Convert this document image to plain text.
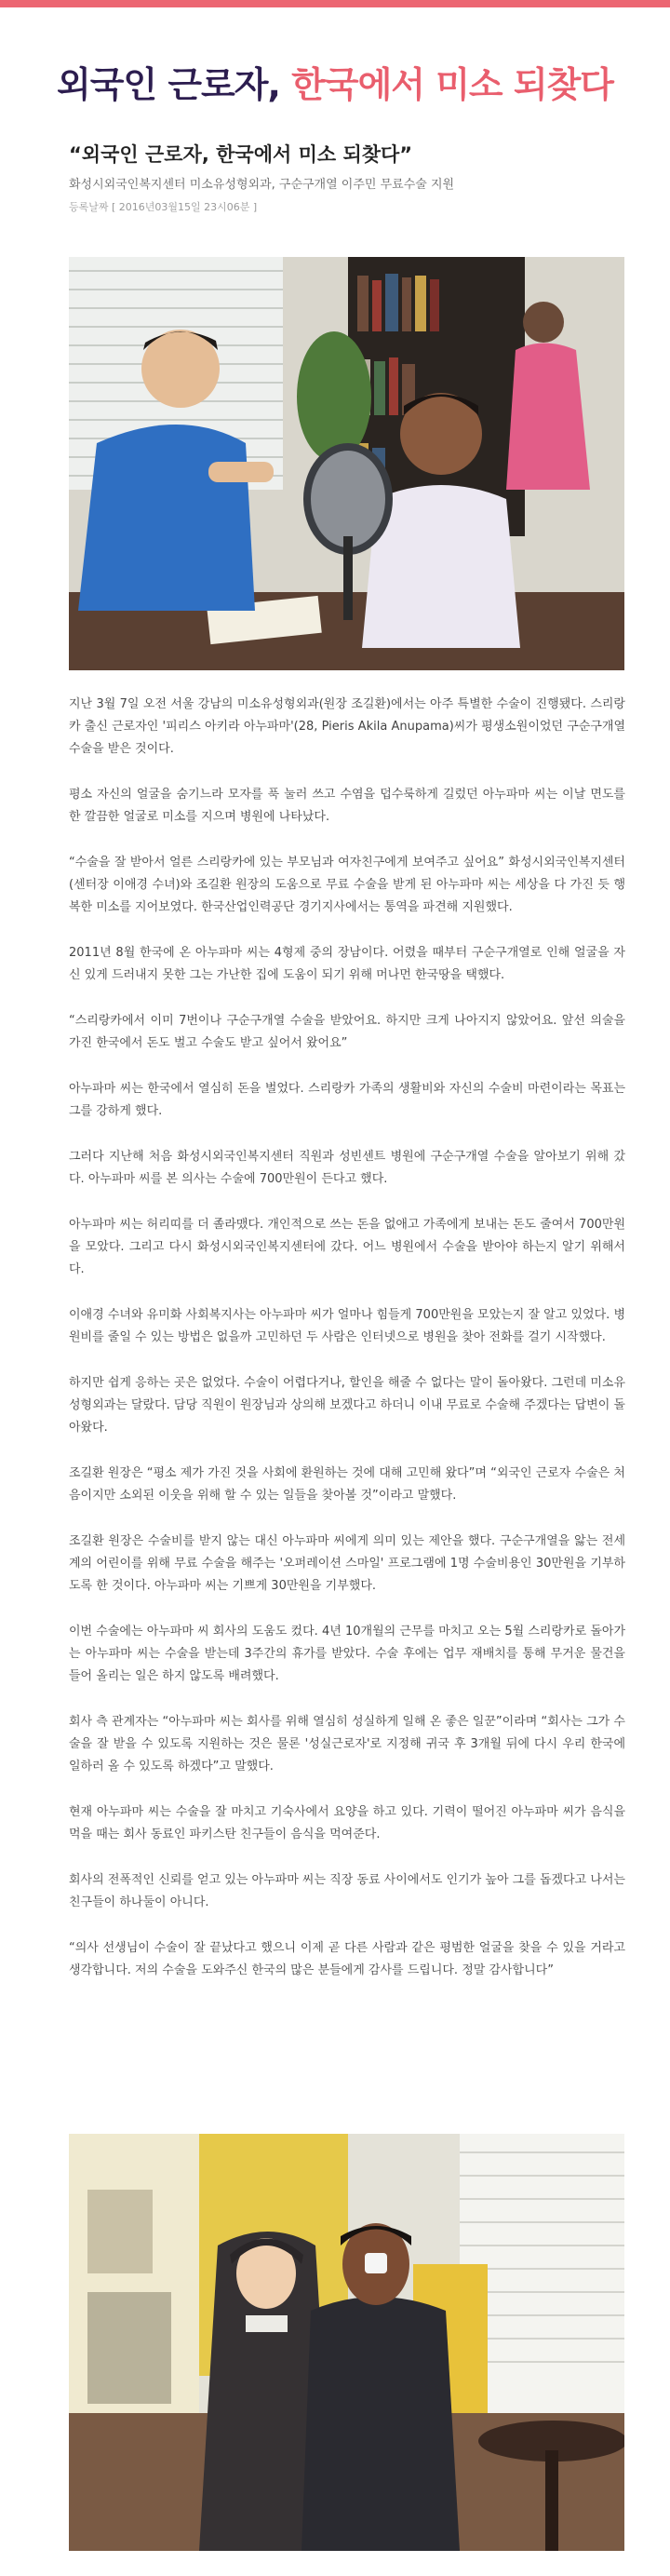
외국인 근로자, 한국에서 미소 되찾다
“외국인 근로자, 한국에서 미소 되찾다”
화성시외국인복지센터 미소유성형외과, 구순구개열 이주민 무료수술 지원
등록날짜 [ 2016년03월15일 23시06분 ]

지난 3월 7일 오전 서울 강남의 미소유성형외과(원장 조길환)에서는 아주 특별한 수술이 진행됐다. 스리랑카 출신 근로자인 '피리스 아키라 아누파마'(28, Pieris Akila Anupama)씨가 평생소원이었던 구순구개열 수술을 받은 것이다.

평소 자신의 얼굴을 숨기느라 모자를 푹 눌러 쓰고 수염을 덥수룩하게 길렀던 아누파마 씨는 이날 면도를 한 깔끔한 얼굴로 미소를 지으며 병원에 나타났다.

“수술을 잘 받아서 얼른 스리랑카에 있는 부모님과 여자친구에게 보여주고 싶어요” 화성시외국인복지센터(센터장 이애경 수녀)와 조길환 원장의 도움으로 무료 수술을 받게 된 아누파마 씨는 세상을 다 가진 듯 행복한 미소를 지어보였다. 한국산업인력공단 경기지사에서는 통역을 파견해 지원했다.

2011년 8월 한국에 온 아누파마 씨는 4형제 중의 장남이다. 어렸을 때부터 구순구개열로 인해 얼굴을 자신 있게 드러내지 못한 그는 가난한 집에 도움이 되기 위해 머나먼 한국땅을 택했다.

“스리랑카에서 이미 7번이나 구순구개열 수술을 받았어요. 하지만 크게 나아지지 않았어요. 앞선 의술을 가진 한국에서 돈도 벌고 수술도 받고 싶어서 왔어요”

아누파마 씨는 한국에서 열심히 돈을 벌었다. 스리랑카 가족의 생활비와 자신의 수술비 마련이라는 목표는 그를 강하게 했다.

그러다 지난해 처음 화성시외국인복지센터 직원과 성빈센트 병원에 구순구개열 수술을 알아보기 위해 갔다. 아누파마 씨를 본 의사는 수술에 700만원이 든다고 했다.

아누파마 씨는 허리띠를 더 졸라맸다. 개인적으로 쓰는 돈을 없애고 가족에게 보내는 돈도 줄여서 700만원을 모았다. 그리고 다시 화성시외국인복지센터에 갔다. 어느 병원에서 수술을 받아야 하는지 알기 위해서다.

이애경 수녀와 유미화 사회복지사는 아누파마 씨가 얼마나 힘들게 700만원을 모았는지 잘 알고 있었다. 병원비를 줄일 수 있는 방법은 없을까 고민하던 두 사람은 인터넷으로 병원을 찾아 전화를 걸기 시작했다.

하지만 쉽게 응하는 곳은 없었다. 수술이 어렵다거나, 할인을 해줄 수 없다는 말이 돌아왔다. 그런데 미소유성형외과는 달랐다. 담당 직원이 원장님과 상의해 보겠다고 하더니 이내 무료로 수술해 주겠다는 답변이 돌아왔다.

조길환 원장은 “평소 제가 가진 것을 사회에 환원하는 것에 대해 고민해 왔다”며 “외국인 근로자 수술은 처음이지만 소외된 이웃을 위해 할 수 있는 일들을 찾아볼 것”이라고 말했다.

조길환 원장은 수술비를 받지 않는 대신 아누파마 씨에게 의미 있는 제안을 했다. 구순구개열을 앓는 전세계의 어린이를 위해 무료 수술을 해주는 '오퍼레이션 스마일' 프로그램에 1명 수술비용인 30만원을 기부하도록 한 것이다. 아누파마 씨는 기쁘게 30만원을 기부했다.

이번 수술에는 아누파마 씨 회사의 도움도 컸다. 4년 10개월의 근무를 마치고 오는 5월 스리랑카로 돌아가는 아누파마 씨는 수술을 받는데 3주간의 휴가를 받았다. 수술 후에는 업무 재배치를 통해 무거운 물건을 들어 올리는 일은 하지 않도록 배려했다.

회사 측 관계자는 “아누파마 씨는 회사를 위해 열심히 성실하게 일해 온 좋은 일꾼”이라며 “회사는 그가 수술을 잘 받을 수 있도록 지원하는 것은 물론 '성실근로자'로 지정해 귀국 후 3개월 뒤에 다시 우리 한국에 일하러 올 수 있도록 하겠다”고 말했다.

현재 아누파마 씨는 수술을 잘 마치고 기숙사에서 요양을 하고 있다. 기력이 떨어진 아누파마 씨가 음식을 먹을 때는 회사 동료인 파키스탄 친구들이 음식을 먹여준다.

회사의 전폭적인 신뢰를 얻고 있는 아누파마 씨는 직장 동료 사이에서도 인기가 높아 그를 돕겠다고 나서는 친구들이 하나둘이 아니다.

“의사 선생님이 수술이 잘 끝났다고 했으니 이제 곧 다른 사람과 같은 평범한 얼굴을 찾을 수 있을 거라고 생각합니다. 저의 수술을 도와주신 한국의 많은 분들에게 감사를 드립니다. 정말 감사합니다”
